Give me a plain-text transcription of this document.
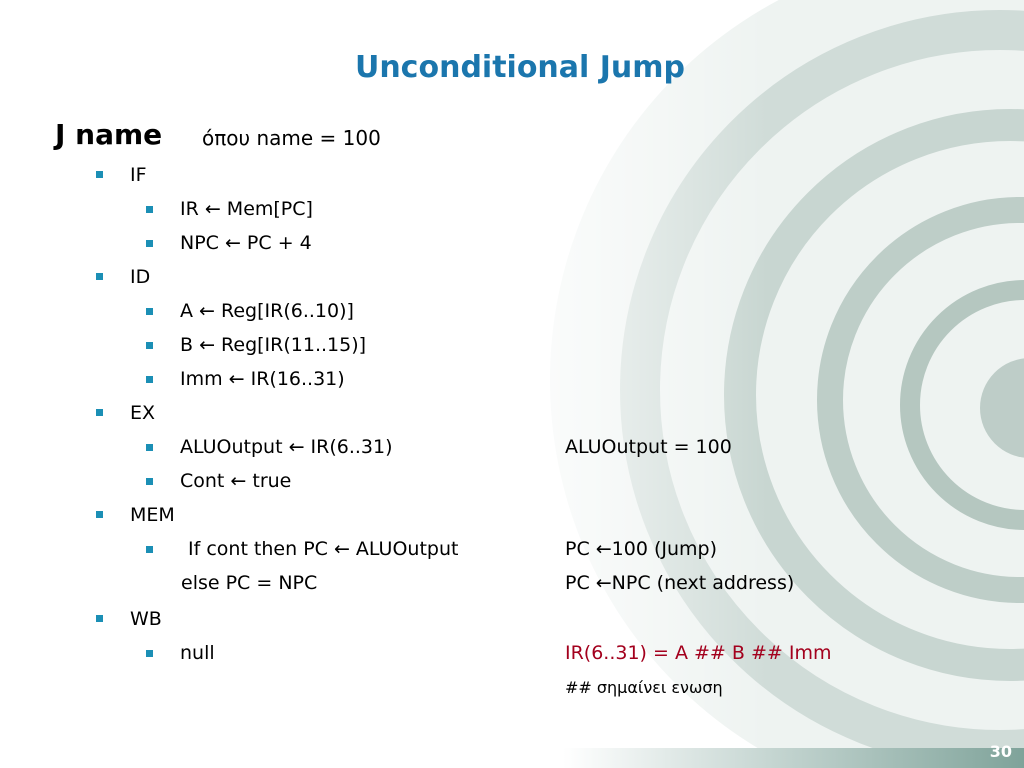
Unconditional Jump
J name όπου name = 100
IF
IR ← Mem[PC]
NPC ← PC + 4
ID
A ← Reg[IR(6..10)]
B ← Reg[IR(11..15)]
Imm ← IR(16..31)
EX
ALUOutput ← IR(6..31)	ALUOutput = 100
Cont ← true
MEM
If cont then PC ← ALUOutput	PC ←100 (Jump)
else PC = NPC	PC ←NPC (next address)
WB
null	IR(6..31) = A ## B ## Imm
## σημαίνει ενωση
30
